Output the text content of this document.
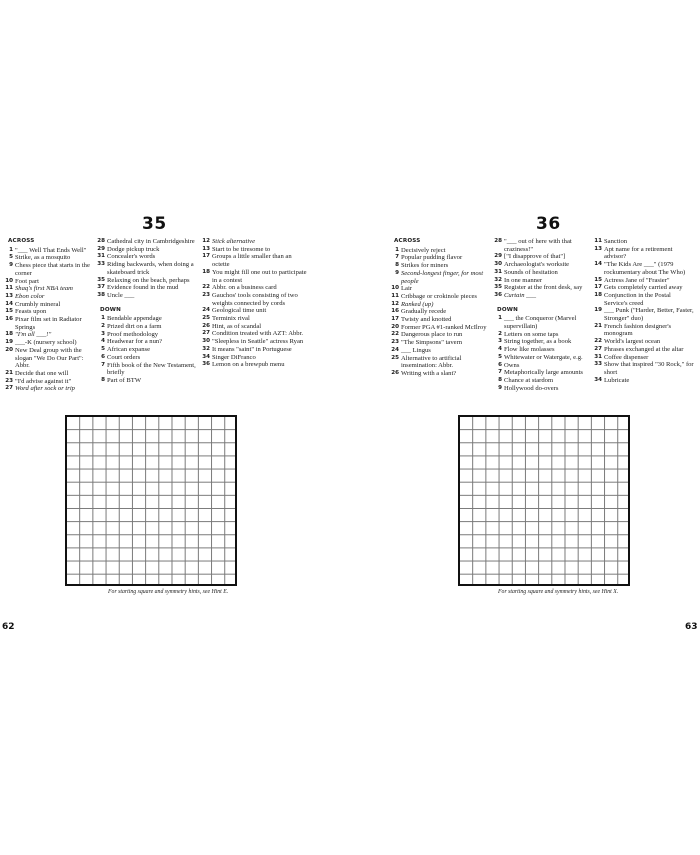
35
ACROSS
1 "___ Well That Ends Well"
5 Strike, as a mosquito
9 Chess piece that starts in the corner
10 Foot part
11 Shaq's first NBA team
13 Ebon color
14 Crumbly mineral
15 Feasts upon
16 Pixar film set in Radiator Springs
18 "I'm all ___!"
19 ___-K (nursery school)
20 New Deal group with the slogan "We Do Our Part": Abbr.
21 Decide that one will
23 "I'd advise against it"
27 Word after sock or trip
28 Cathedral city in Cambridgeshire
29 Dodge pickup truck
31 Concealer's words
33 Riding backwards, when doing a skateboard trick
35 Relaxing on the beach, perhaps
37 Evidence found in the mud
38 Uncle ___
DOWN
1 Bendable appendage
2 Prized dirt on a farm
3 Proof methodology
4 Headwear for a nun?
5 African expanse
6 Court orders
7 Fifth book of the New Testament, briefly
8 Part of BTW
12 Stick alternative
13 Start to be tiresome to
17 Groups a little smaller than an octette
18 You might fill one out to participate in a contest
22 Abbr. on a business card
23 Gauchos' tools consisting of two weights connected by cords
24 Geological time unit
25 Terminix rival
26 Hint, as of scandal
27 Condition treated with AZT: Abbr.
30 "Sleepless in Seattle" actress Ryan
32 It means "saint" in Portuguese
34 Singer DiFranco
36 Lemon on a brewpub menu
For starting square and symmetry hints, see Hint E.
62
36
ACROSS
1 Decisively reject
7 Popular pudding flavor
8 Strikes for miners
9 Second-longest finger, for most people
10 Lair
11 Cribbage or crokinole pieces
12 Ranked (up)
16 Gradually recede
17 Twisty and knotted
20 Former PGA #1-ranked McIlroy
22 Dangerous place to run
23 "The Simpsons" tavern
24 ___ Lingus
25 Alternative to artificial insemination: Abbr.
26 Writing with a slant?
28 "___ out of here with that craziness!"
29 ["I disapprove of that"]
30 Archaeologist's worksite
31 Sounds of hesitation
32 In one manner
35 Register at the front desk, say
36 Curtain ___
DOWN
1 ___ the Conqueror (Marvel supervillain)
2 Letters on some taps
3 String together, as a book
4 Flow like molasses
5 Whitewater or Watergate, e.g.
6 Owns
7 Metaphorically large amounts
8 Chance at stardom
9 Hollywood do-overs
11 Sanction
13 Apt name for a retirement advisor?
14 "The Kids Are ___" (1979 rockumentary about The Who)
15 Actress Jane of "Frasier"
17 Gets completely carried away
18 Conjunction in the Postal Service's creed
19 ___ Punk ("Harder, Better, Faster, Stronger" duo)
21 French fashion designer's monogram
22 World's largest ocean
27 Phrases exchanged at the altar
31 Coffee dispenser
33 Show that inspired "30 Rock," for short
34 Lubricate
For starting square and symmetry hints, see Hint X.
63
